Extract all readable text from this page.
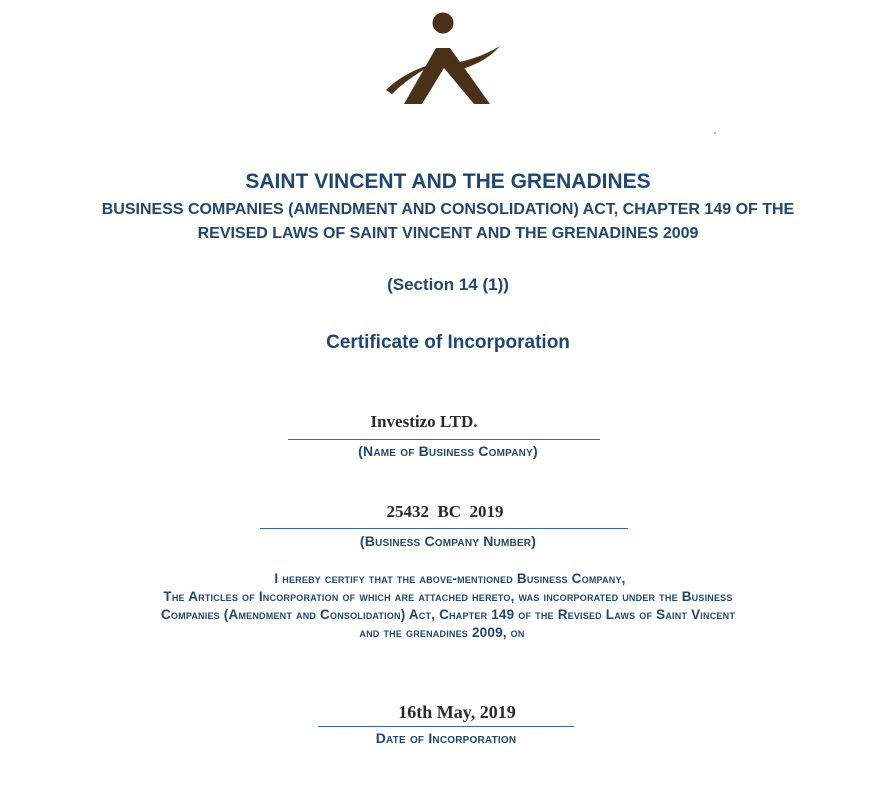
SAINT VINCENT AND THE GRENADINES
BUSINESS COMPANIES (AMENDMENT AND CONSOLIDATION) ACT, CHAPTER 149 OF THE
REVISED LAWS OF SAINT VINCENT AND THE GRENADINES 2009
(Section 14 (1))
Certificate of Incorporation
Investizo LTD.
(Name of Business Company)
25432  BC  2019
(Business Company Number)
I hereby certify that the above-mentioned Business Company,
The Articles of Incorporation of which are attached hereto, was incorporated under the Business
Companies (Amendment and Consolidation) Act, Chapter 149 of the Revised Laws of Saint Vincent
and the grenadines 2009, on
16th May, 2019
Date of Incorporation
